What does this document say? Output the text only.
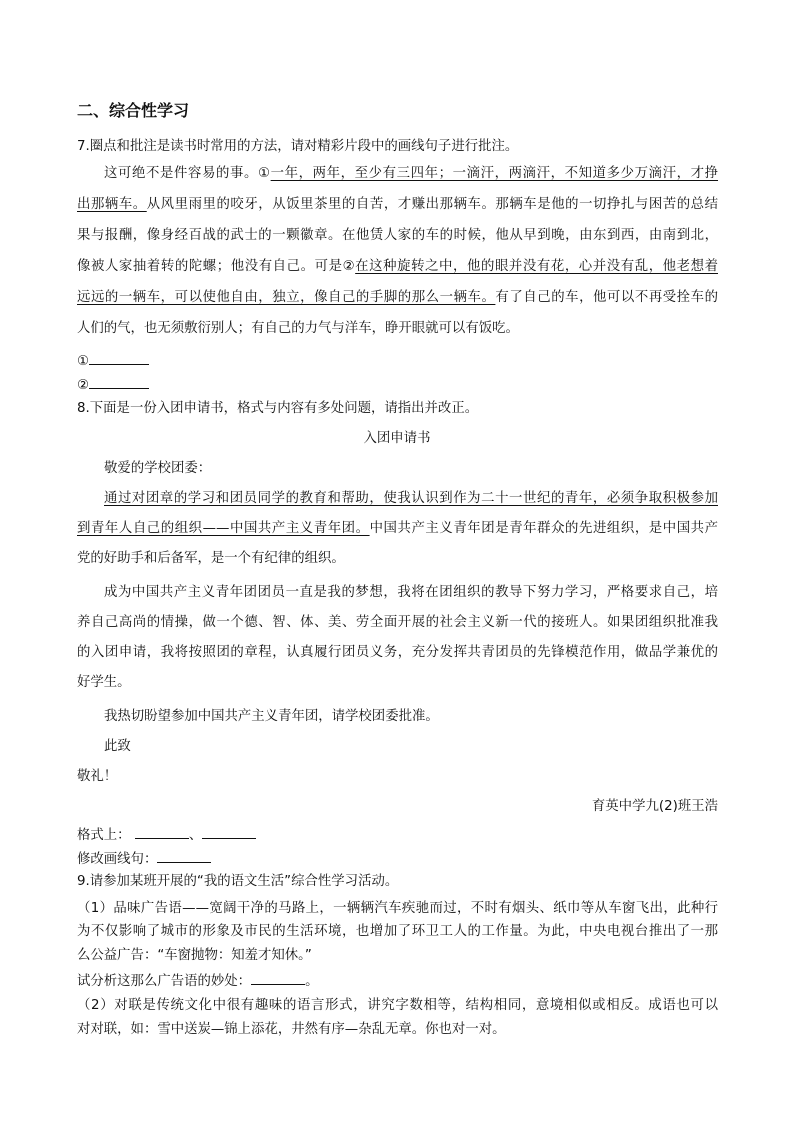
二、综合性学习
7.圈点和批注是读书时常用的方法，请对精彩片段中的画线句子进行批注。
这可绝不是件容易的事。①一年，两年，至少有三四年；一滴汗，两滴汗，不知道多少万滴汗，才挣
出那辆车。从风里雨里的咬牙，从饭里茶里的自苦，才赚出那辆车。那辆车是他的一切挣扎与困苦的总结
果与报酬，像身经百战的武士的一颗徽章。在他赁人家的车的时候，他从早到晚，由东到西，由南到北，
像被人家抽着转的陀螺；他没有自己。可是②在这种旋转之中，他的眼并没有花，心并没有乱，他老想着
远远的一辆车，可以使他自由，独立，像自己的手脚的那么一辆车。有了自己的车，他可以不再受拴车的
人们的气，也无须敷衍别人；有自己的力气与洋车，睁开眼就可以有饭吃。
①
②
8.下面是一份入团申请书，格式与内容有多处问题，请指出并改正。
入团申请书
敬爱的学校团委：
通过对团章的学习和团员同学的教育和帮助，使我认识到作为二十一世纪的青年，必须争取积极参加
到青年人自己的组织——中国共产主义青年团。中国共产主义青年团是青年群众的先进组织，是中国共产
党的好助手和后备军，是一个有纪律的组织。
成为中国共产主义青年团团员一直是我的梦想，我将在团组织的教导下努力学习，严格要求自己，培
养自己高尚的情操，做一个德、智、体、美、劳全面开展的社会主义新一代的接班人。如果团组织批准我
的入团申请，我将按照团的章程，认真履行团员义务，充分发挥共青团员的先锋模范作用，做品学兼优的
好学生。
我热切盼望参加中国共产主义青年团，请学校团委批准。
此致
敬礼！
育英中学九(2)班王浩
格式上：	、
修改画线句：
9.请参加某班开展的“我的语文生活”综合性学习活动。
（1）品味广告语——宽阔干净的马路上，一辆辆汽车疾驰而过，不时有烟头、纸巾等从车窗飞出，此种行
为不仅影响了城市的形象及市民的生活环境，也增加了环卫工人的工作量。为此，中央电视台推出了一那
么公益广告：“车窗抛物：知羞才知休。”
试分析这那么广告语的妙处：	。
（2）对联是传统文化中很有趣味的语言形式，讲究字数相等，结构相同，意境相似或相反。成语也可以
对对联，如：雪中送炭—锦上添花，井然有序—杂乱无章。你也对一对。
